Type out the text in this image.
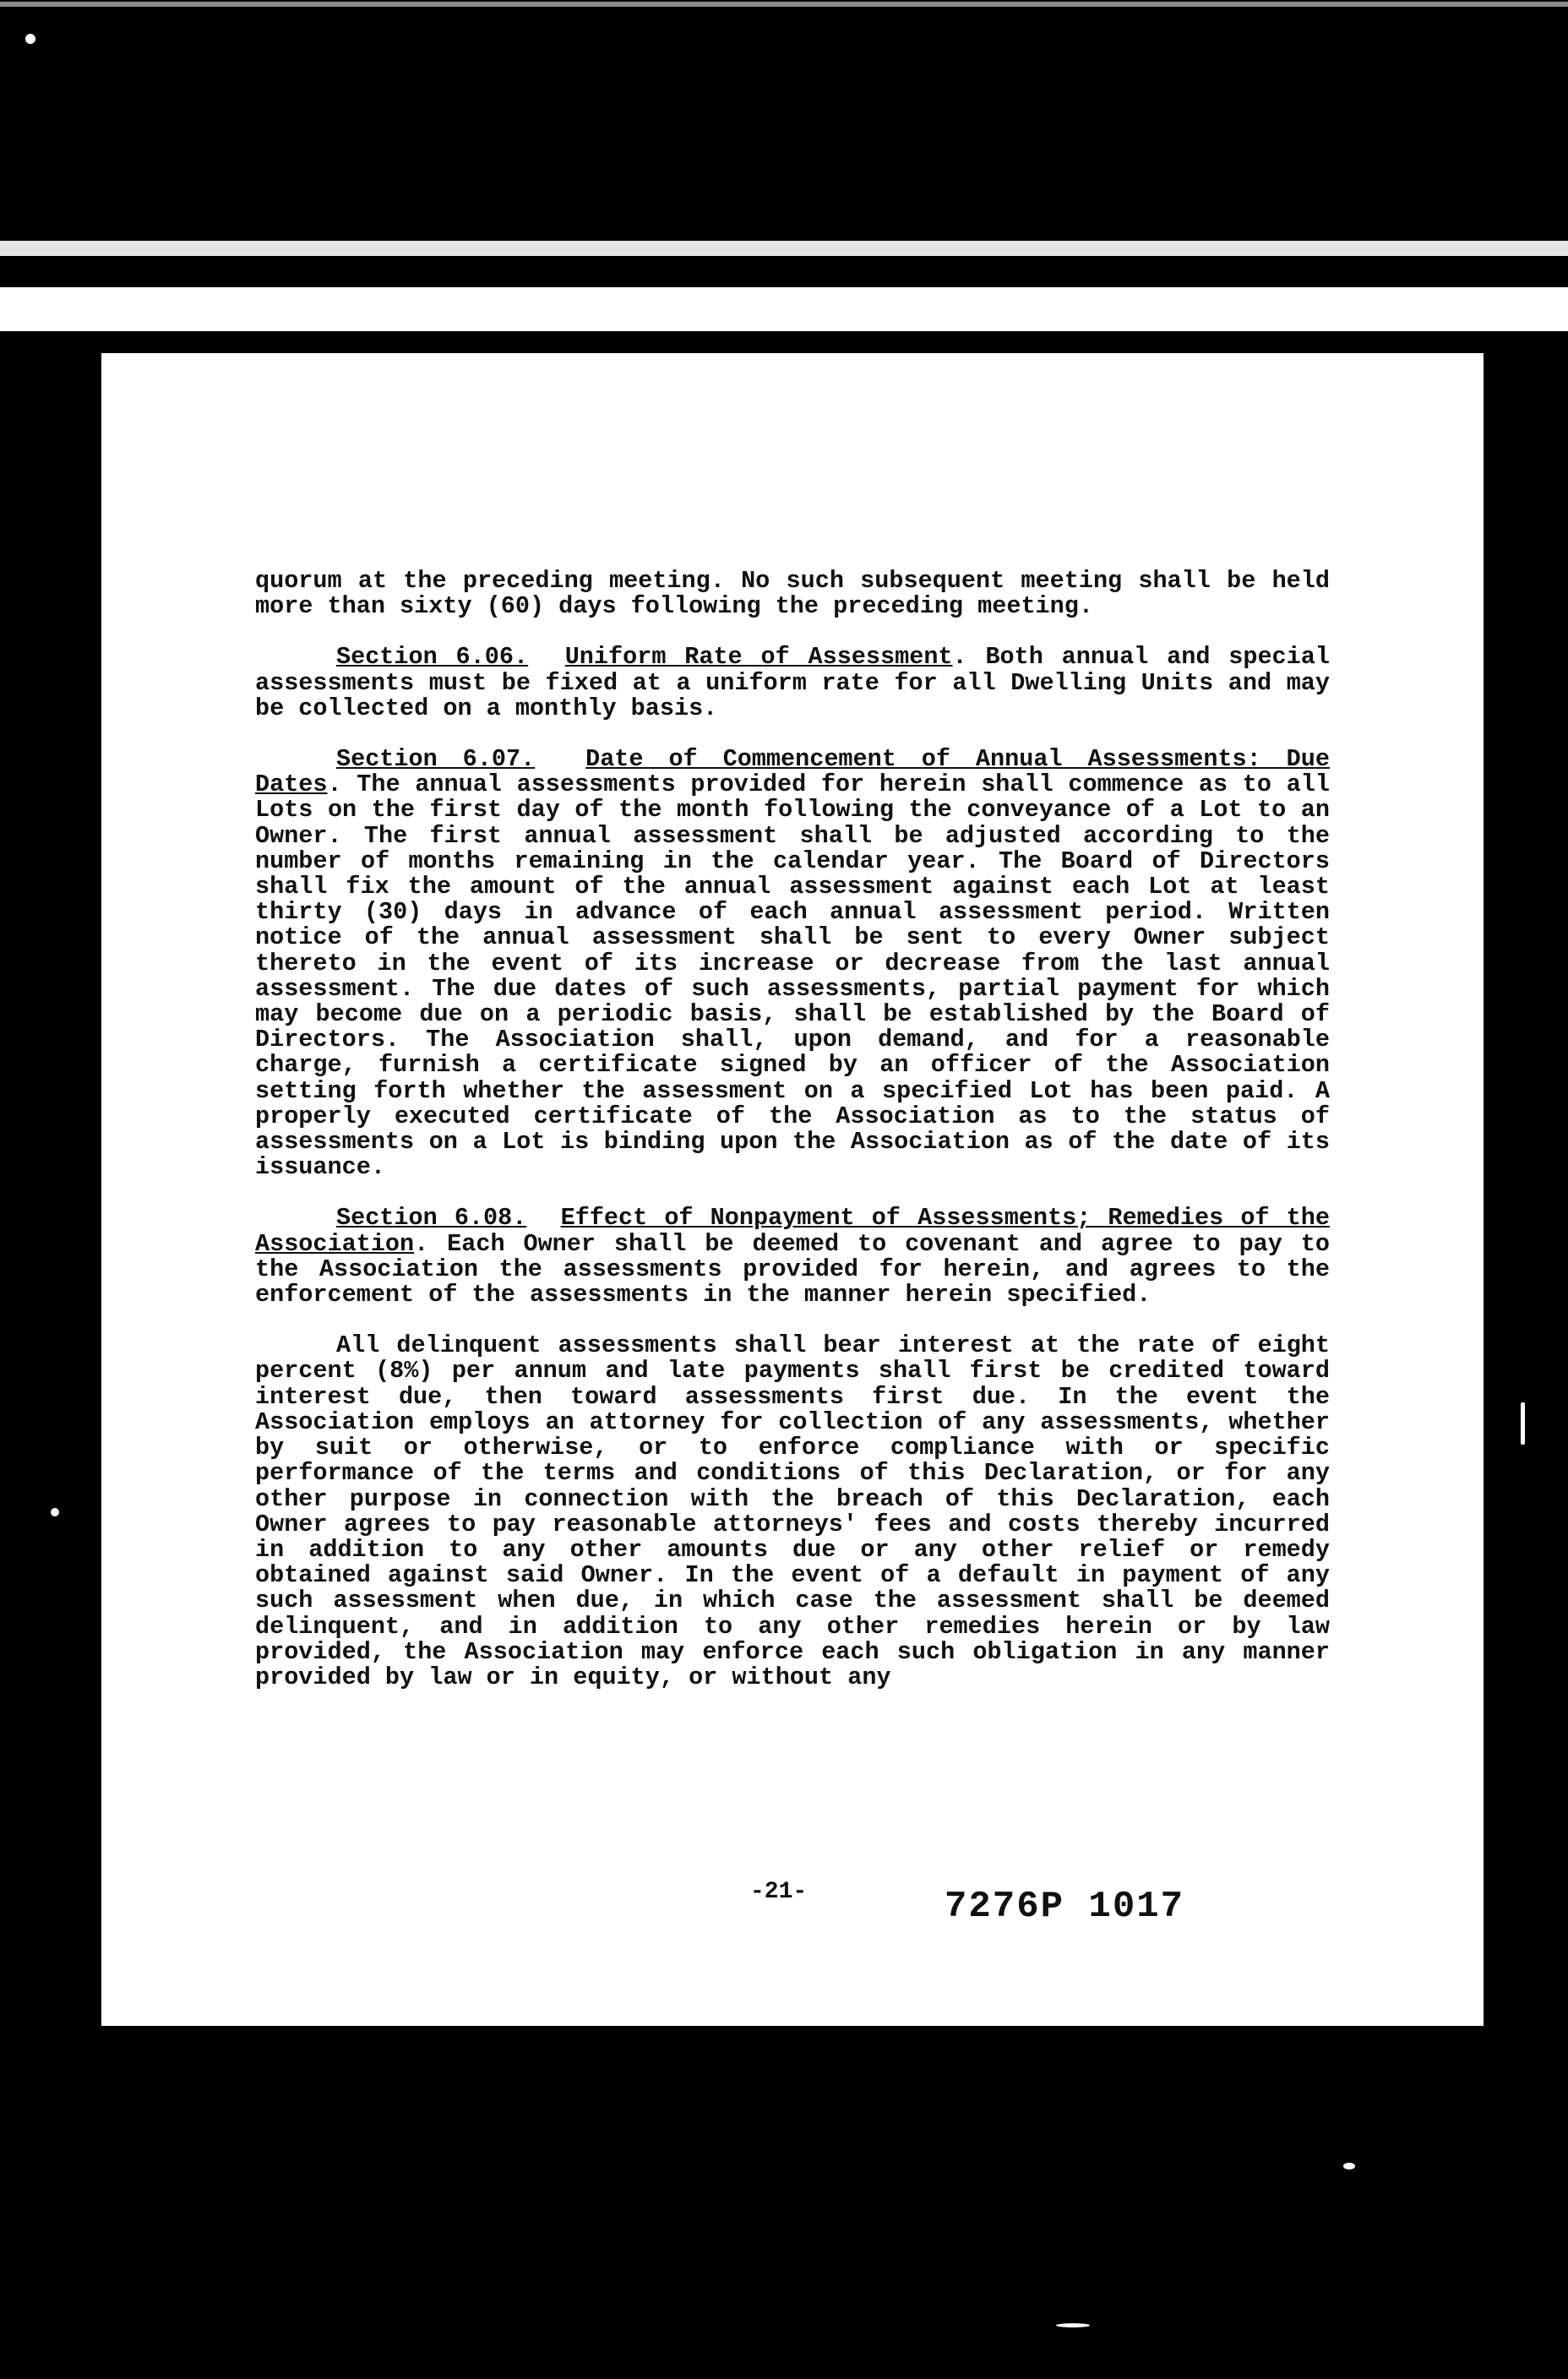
quorum at the preceding meeting. No such subsequent meeting shall be held more than sixty (60) days following the preceding meeting.

Section 6.06. Uniform Rate of Assessment. Both annual and special assessments must be fixed at a uniform rate for all Dwelling Units and may be collected on a monthly basis.

Section 6.07. Date of Commencement of Annual Assessments: Due Dates. The annual assessments provided for herein shall commence as to all Lots on the first day of the month following the conveyance of a Lot to an Owner. The first annual assessment shall be adjusted according to the number of months remaining in the calendar year. The Board of Directors shall fix the amount of the annual assessment against each Lot at least thirty (30) days in advance of each annual assessment period. Written notice of the annual assessment shall be sent to every Owner subject thereto in the event of its increase or decrease from the last annual assessment. The due dates of such assessments, partial payment for which may become due on a periodic basis, shall be established by the Board of Directors. The Association shall, upon demand, and for a reasonable charge, furnish a certificate signed by an officer of the Association setting forth whether the assessment on a specified Lot has been paid. A properly executed certificate of the Association as to the status of assessments on a Lot is binding upon the Association as of the date of its issuance.

Section 6.08. Effect of Nonpayment of Assessments; Remedies of the Association. Each Owner shall be deemed to covenant and agree to pay to the Association the assessments provided for herein, and agrees to the enforcement of the assessments in the manner herein specified.

All delinquent assessments shall bear interest at the rate of eight percent (8%) per annum and late payments shall first be credited toward interest due, then toward assessments first due. In the event the Association employs an attorney for collection of any assessments, whether by suit or otherwise, or to enforce compliance with or specific performance of the terms and conditions of this Declaration, or for any other purpose in connection with the breach of this Declaration, each Owner agrees to pay reasonable attorneys' fees and costs thereby incurred in addition to any other amounts due or any other relief or remedy obtained against said Owner. In the event of a default in payment of any such assessment when due, in which case the assessment shall be deemed delinquent, and in addition to any other remedies herein or by law provided, the Association may enforce each such obligation in any manner provided by law or in equity, or without any

-21-	7276P 1017
